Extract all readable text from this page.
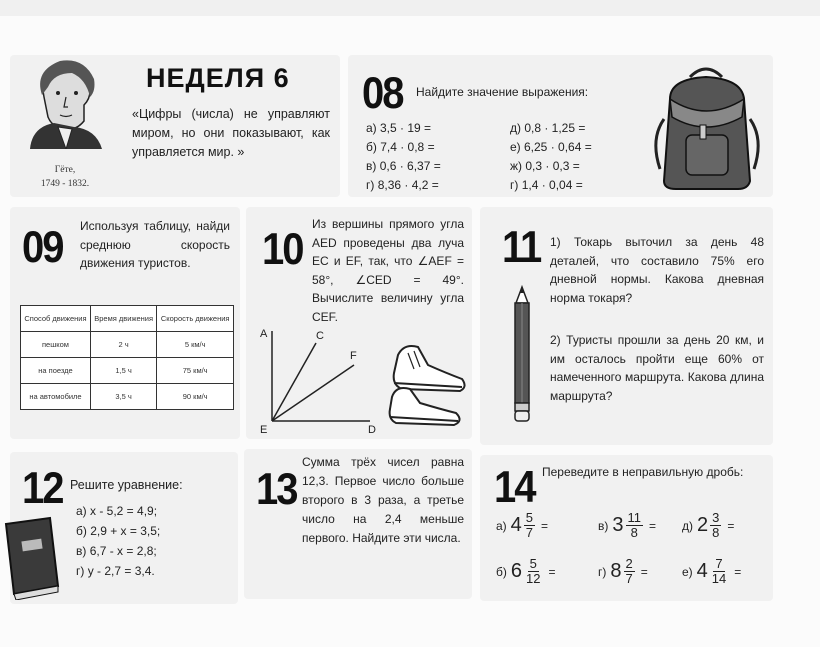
Гёте,
1749 - 1832.
НЕДЕЛЯ 6
«Цифры (числа) не управляют миром, но они показывают, как управляется мир. »
08 Найдите значение выражения:
а) 3,5 · 19 =
б) 7,4 · 0,8 =
в) 0,6 · 6,37 =
г) 8,36 · 4,2 =
д) 0,8 · 1,25 =
е) 6,25 · 0,64 =
ж) 0,3 · 0,3 =
г) 1,4 · 0,04 =
09 Используя таблицу, найди среднюю скорость движения туристов.
Способ движения	Время движения	Скорость движения
пешком	2 ч	5 км/ч
на поезде	1,5 ч	75 км/ч
на автомобиле	3,5 ч	90 км/ч
10
Из вершины прямого угла AED проведены два луча EC и EF, так, что ∠AEF = 58°, ∠CED = 49°. Вычислите величину угла CEF.
A	C
F
E	D
11 1) Токарь выточил за день 48 деталей, что составило 75% его дневной нормы. Какова дневная норма токаря?
2) Туристы прошли за день 20 км, и им осталось пройти еще 60% от намеченного маршрута. Какова длина маршрута?
12 Решите уравнение:
а) x - 5,2 = 4,9;
б) 2,9 + x = 3,5;
в) 6,7 - x = 2,8;
г) y - 2,7 = 3,4.
13
Сумма трёх чисел равна 12,3. Первое число больше второго в 3 раза, а третье число на 2,4 меньше первого. Найдите эти числа.
14 Переведите в неправильную дробь:
а) $4 \frac{5}{7}$ =	в) $3 \frac{11}{8} = д$) $2 \frac{3}{8}$ =
б) $6 \frac{5}{12}$ =	г) $8 \frac{2}{7}$ =	е) $4 \frac{7}{14}$ =
